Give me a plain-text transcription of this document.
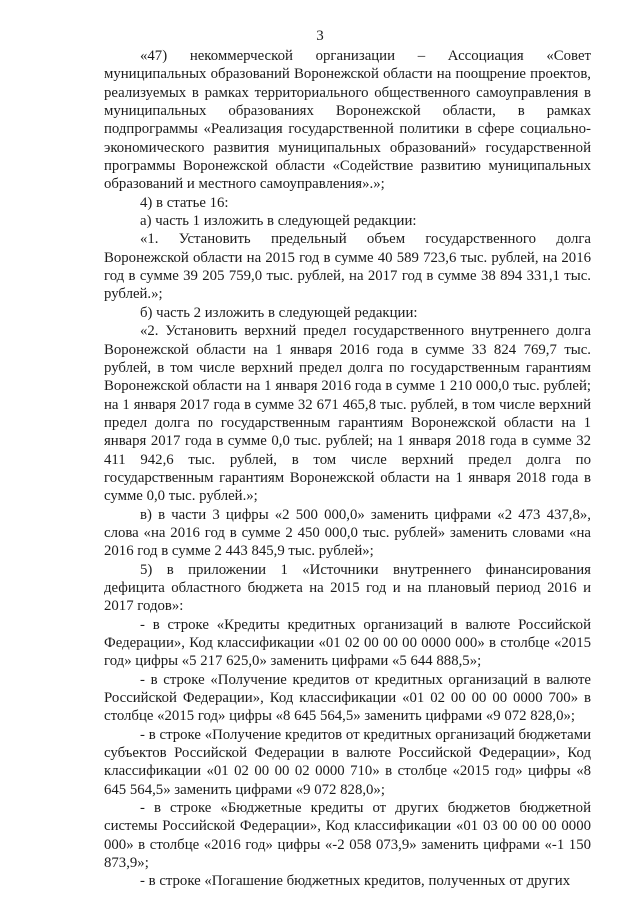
3

«47) некоммерческой организации – Ассоциация «Совет муниципальных образований Воронежской области на поощрение проектов, реализуемых в рамках территориального общественного самоуправления в муниципальных образованиях Воронежской области, в рамках подпрограммы «Реализация государственной политики в сфере социально-экономического развития муниципальных образований» государственной программы Воронежской области «Содействие развитию муниципальных образований и местного самоуправления».»;

4) в статье 16:

а) часть 1 изложить в следующей редакции:

«1. Установить предельный объем государственного долга Воронежской области на 2015 год в сумме 40 589 723,6 тыс. рублей, на 2016 год в сумме 39 205 759,0 тыс. рублей, на 2017 год в сумме 38 894 331,1 тыс. рублей.»;

б) часть 2 изложить в следующей редакции:

«2. Установить верхний предел государственного внутреннего долга Воронежской области на 1 января 2016 года в сумме 33 824 769,7 тыс. рублей, в том числе верхний предел долга по государственным гарантиям Воронежской области на 1 января 2016 года в сумме 1 210 000,0 тыс. рублей; на 1 января 2017 года в сумме 32 671 465,8 тыс. рублей, в том числе верхний предел долга по государственным гарантиям Воронежской области на 1 января 2017 года в сумме 0,0 тыс. рублей; на 1 января 2018 года в сумме 32 411 942,6 тыс. рублей, в том числе верхний предел долга по государственным гарантиям Воронежской области на 1 января 2018 года в сумме 0,0 тыс. рублей.»;

в) в части 3 цифры «2 500 000,0» заменить цифрами «2 473 437,8», слова «на 2016 год в сумме 2 450 000,0 тыс. рублей» заменить словами «на 2016 год в сумме 2 443 845,9 тыс. рублей»;

5) в приложении 1 «Источники внутреннего финансирования дефицита областного бюджета на 2015 год и на плановый период 2016 и 2017 годов»:

- в строке «Кредиты кредитных организаций в валюте Российской Федерации», Код классификации «01 02 00 00 00 0000 000» в столбце «2015 год» цифры «5 217 625,0» заменить цифрами «5 644 888,5»;

- в строке «Получение кредитов от кредитных организаций в валюте Российской Федерации», Код классификации «01 02 00 00 00 0000 700» в столбце «2015 год» цифры «8 645 564,5» заменить цифрами «9 072 828,0»;

- в строке «Получение кредитов от кредитных организаций бюджетами субъектов Российской Федерации в валюте Российской Федерации», Код классификации «01 02 00 00 02 0000 710» в столбце «2015 год» цифры «8 645 564,5» заменить цифрами «9 072 828,0»;

- в строке «Бюджетные кредиты от других бюджетов бюджетной системы Российской Федерации», Код классификации «01 03 00 00 00 0000 000» в столбце «2016 год» цифры «-2 058 073,9» заменить цифрами «-1 150 873,9»;

- в строке «Погашение бюджетных кредитов, полученных от других
